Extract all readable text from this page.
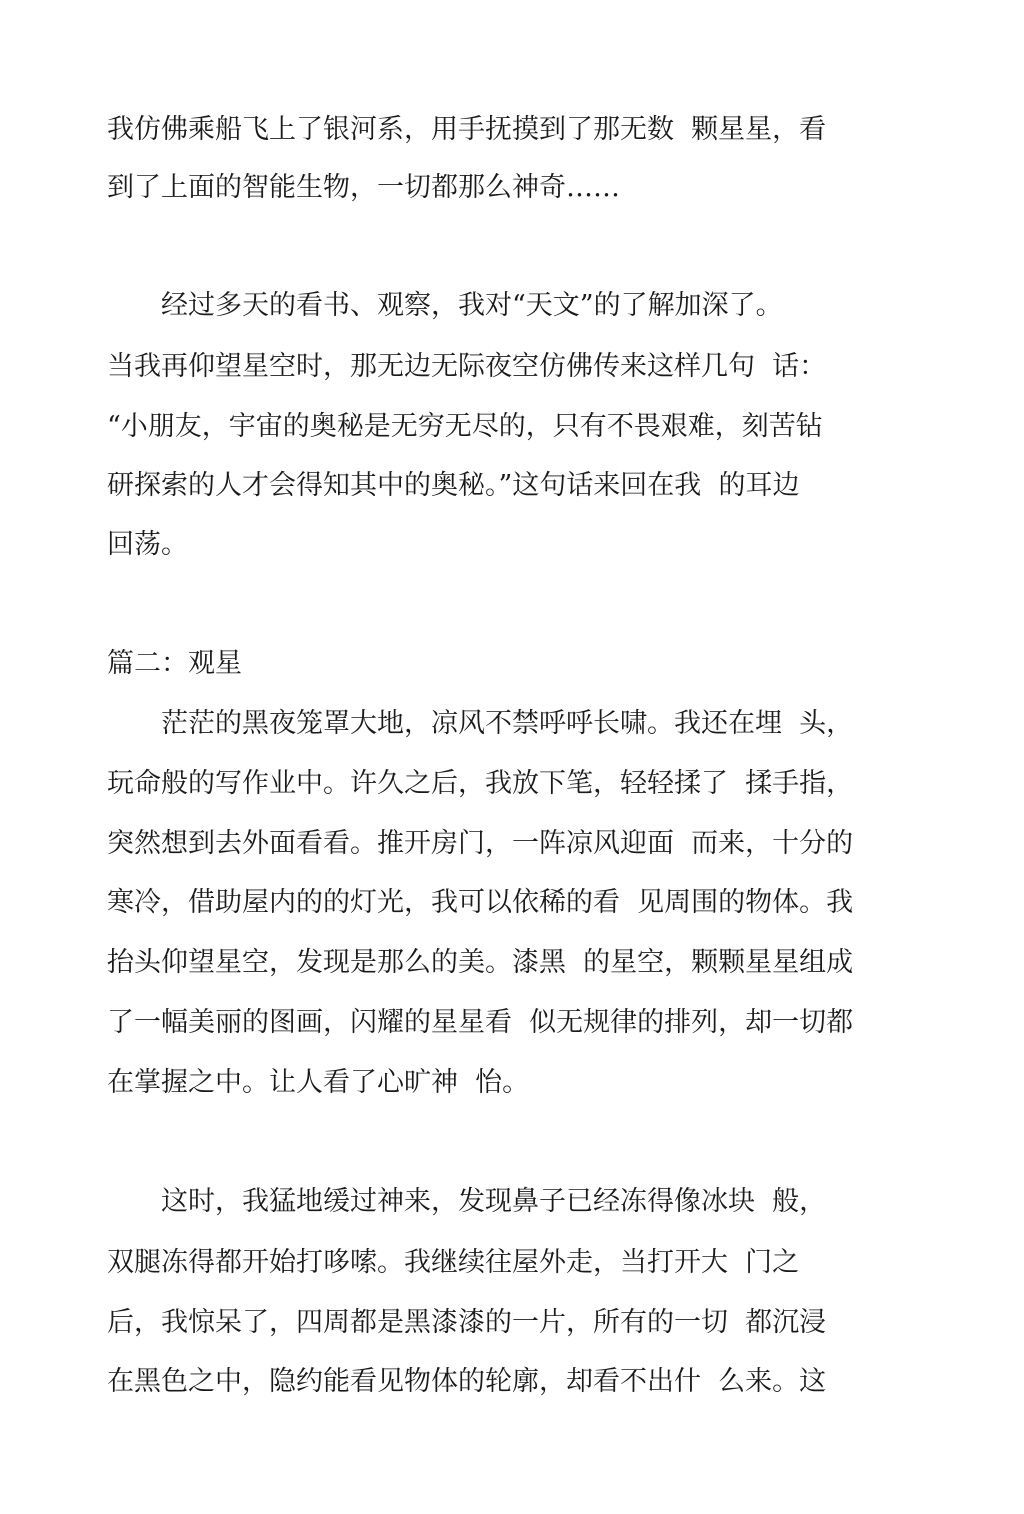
我仿佛乘船飞上了银河系，用手抚摸到了那无数  颗星星，看
到了上面的智能生物，一切都那么神奇……
　　经过多天的看书、观察，我对“天文”的了解加深了。
当我再仰望星空时，那无边无际夜空仿佛传来这样几句  话：
“小朋友，宇宙的奥秘是无穷无尽的，只有不畏艰难，刻苦钻
研探索的人才会得知其中的奥秘。”这句话来回在我  的耳边
回荡。
篇二：观星
　　茫茫的黑夜笼罩大地，凉风不禁呼呼长啸。我还在埋  头，
玩命般的写作业中。许久之后，我放下笔，轻轻揉了  揉手指，
突然想到去外面看看。推开房门，一阵凉风迎面  而来，十分的
寒冷，借助屋内的的灯光，我可以依稀的看  见周围的物体。我
抬头仰望星空，发现是那么的美。漆黑  的星空，颗颗星星组成
了一幅美丽的图画，闪耀的星星看  似无规律的排列，却一切都
在掌握之中。让人看了心旷神  怡。
　　这时，我猛地缓过神来，发现鼻子已经冻得像冰块  般，
双腿冻得都开始打哆嗦。我继续往屋外走，当打开大  门之
后，我惊呆了，四周都是黑漆漆的一片，所有的一切  都沉浸
在黑色之中，隐约能看见物体的轮廓，却看不出什  么来。这
